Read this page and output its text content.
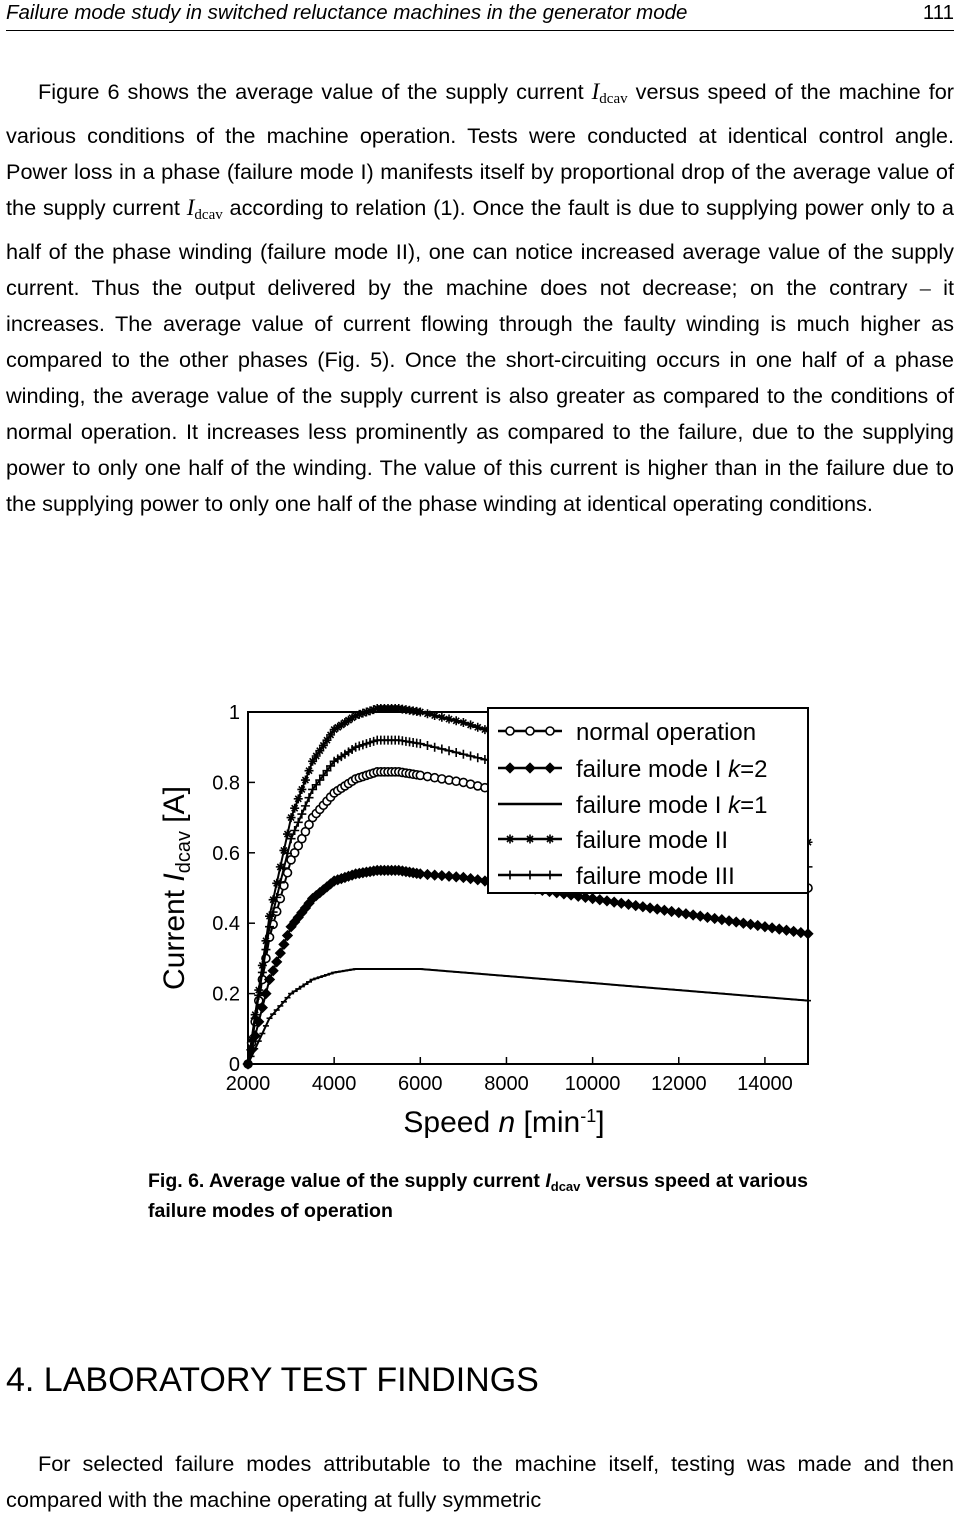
Failure mode study in switched reluctance machines in the generator mode	111

Figure 6 shows the average value of the supply current $I_{dcav}$ versus speed of the machine for various conditions of the machine operation. Tests were conducted at identical control angle. Power loss in a phase (failure mode I) manifests itself by proportional drop of the average value of the supply current $I_{dcav}$ according to relation (1). Once the fault is due to supplying power only to a half of the phase winding (failure mode II), one can notice increased average value of the supply current. Thus the output delivered by the machine does not decrease; on the contrary – it increases. The average value of current flowing through the faulty winding is much higher as compared to the other phases (Fig. 5). Once the short-circuiting occurs in one half of a phase winding, the average value of the supply current is also greater as compared to the conditions of normal operation. It increases less prominently as compared to the failure, due to the supplying power to only one half of the winding. The value of this current is higher than in the failure due to the supplying power to only one half of the phase winding at identical operating conditions.

0
0.2
0.4
0.6
0.8
1
2000 4000 6000 8000 10000 12000 14000
normal operation
failure mode I k=2
failure mode I k=1
failure mode II
failure mode III
Current $I_{dcav}$ [A]
Speed n $[\min^{-1}]$
Fig. 6. Average value of the supply current $I_{dcav}$ versus speed at various failure modes of operation
4. LABORATORY TEST FINDINGS

For selected failure modes attributable to the machine itself, testing was made and then compared with the machine operating at fully symmetric
